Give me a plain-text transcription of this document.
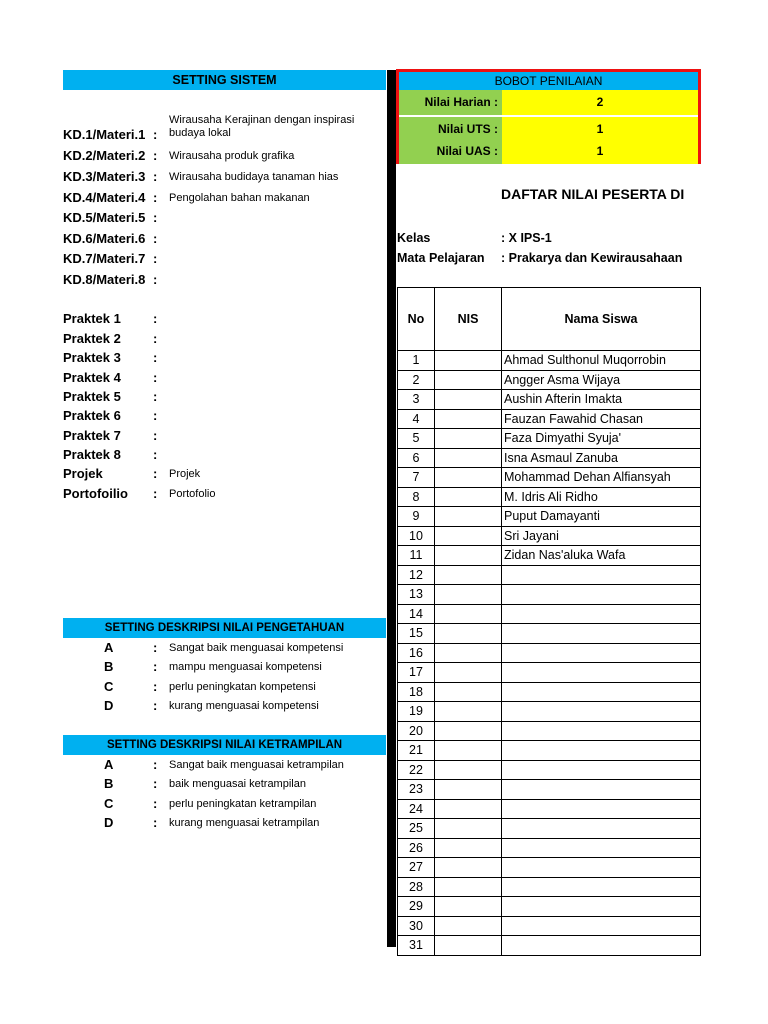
SETTING SISTEM
KD.1/Materi.1 :
Wirausaha Kerajinan dengan inspirasi budaya lokal
KD.2/Materi.2 : Wirausaha produk grafika
KD.3/Materi.3 : Wirausaha budidaya tanaman hias
KD.4/Materi.4 : Pengolahan bahan makanan
KD.5/Materi.5 :
KD.6/Materi.6 :
KD.7/Materi.7 :
KD.8/Materi.8 :
Praktek 1 :
Praktek 2 :
Praktek 3 :
Praktek 4 :
Praktek 5 :
Praktek 6 :
Praktek 7 :
Praktek 8 :
Projek	: Projek
Portofoilio : Portofolio
SETTING DESKRIPSI NILAI PENGETAHUAN
A	: Sangat baik menguasai kompetensi
B	: mampu menguasai kompetensi
C	: perlu peningkatan kompetensi
D	: kurang menguasai kompetensi
SETTING DESKRIPSI NILAI KETRAMPILAN
A	: Sangat baik menguasai ketrampilan
B	: baik menguasai ketrampilan
C	: perlu peningkatan ketrampilan
D	: kurang menguasai ketrampilan
BOBOT PENILAIAN
Nilai Harian :	2
Nilai UTS :	1
Nilai UAS :	1
DAFTAR NILAI PESERTA DI
Kelas	: X IPS-1
Mata Pelajaran : Prakarya dan Kewirausahaan
No	NIS	Nama Siswa
1		Ahmad Sulthonul Muqorrobin
2		Angger Asma Wijaya
3		Aushin Afterin Imakta
4		Fauzan Fawahid Chasan
5		Faza Dimyathi Syuja'
6		Isna Asmaul Zanuba
7		Mohammad Dehan Alfiansyah
8		M. Idris Ali Ridho
9		Puput Damayanti
10		Sri Jayani
11		Zidan Nas'aluka Wafa
12		
13		
14		
15		
16		
17		
18		
19		
20		
21		
22		
23		
24		
25		
26		
27		
28		
29		
30		
31		
